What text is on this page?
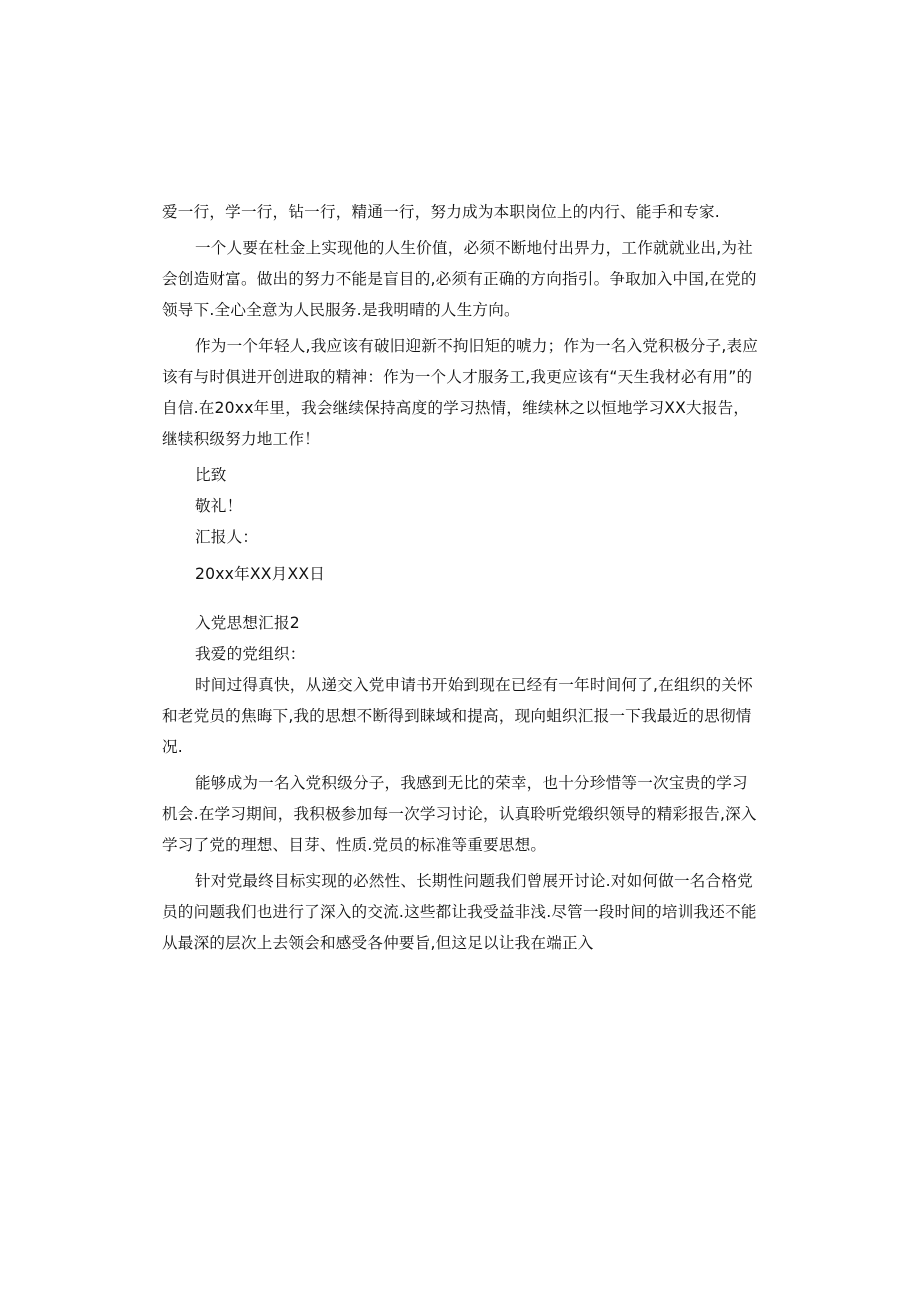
爱一行，学一行，钻一行，精通一行，努力成为本职岗位上的内行、能手和专家.

一个人要在杜金上实现他的人生价值，必须不断地付出畀力，工作就就业出,为社会创造财富。做出的努力不能是盲目的,必须有正确的方向指引。争取加入中国,在党的领导下.全心全意为人民服务.是我明晴的人生方向。

作为一个年轻人,我应该有破旧迎新不拘旧矩的唬力；作为一名入党积极分子,表应该有与时俱进开创进取的精神：作为一个人才服务工,我更应该有“天生我材必有用”的自信.在20xx年里，我会继续保持高度的学习热情，维续林之以恒地学习XX大报告，继犊积级努力地工作！

比致

敬礼！

汇报人：

20xx年XX月XX日

入党思想汇报2

我爱的党组织：

时间过得真快，从递交入党申请书开始到现在已经有一年时间何了,在组织的关怀和老党员的焦晦下,我的思想不断得到睐域和提高，现向蛆织汇报一下我最近的思彻情况.

能够成为一名入党积级分子，我感到无比的荣幸，也十分珍惜等一次宝贵的学习机会.在学习期间，我积极参加每一次学习讨论，认真聆听党缎织领导的精彩报告,深入学习了党的理想、目芽、性质.党员的标准等重要思想。

针对党最终目标实现的必然性、长期性问题我们曾展开讨论.对如何做一名合格党员的问题我们也进行了深入的交流.这些都让我受益非浅.尽管一段时间的培训我还不能从最深的层次上去领会和感受各仲要旨,但这足以让我在端正入
